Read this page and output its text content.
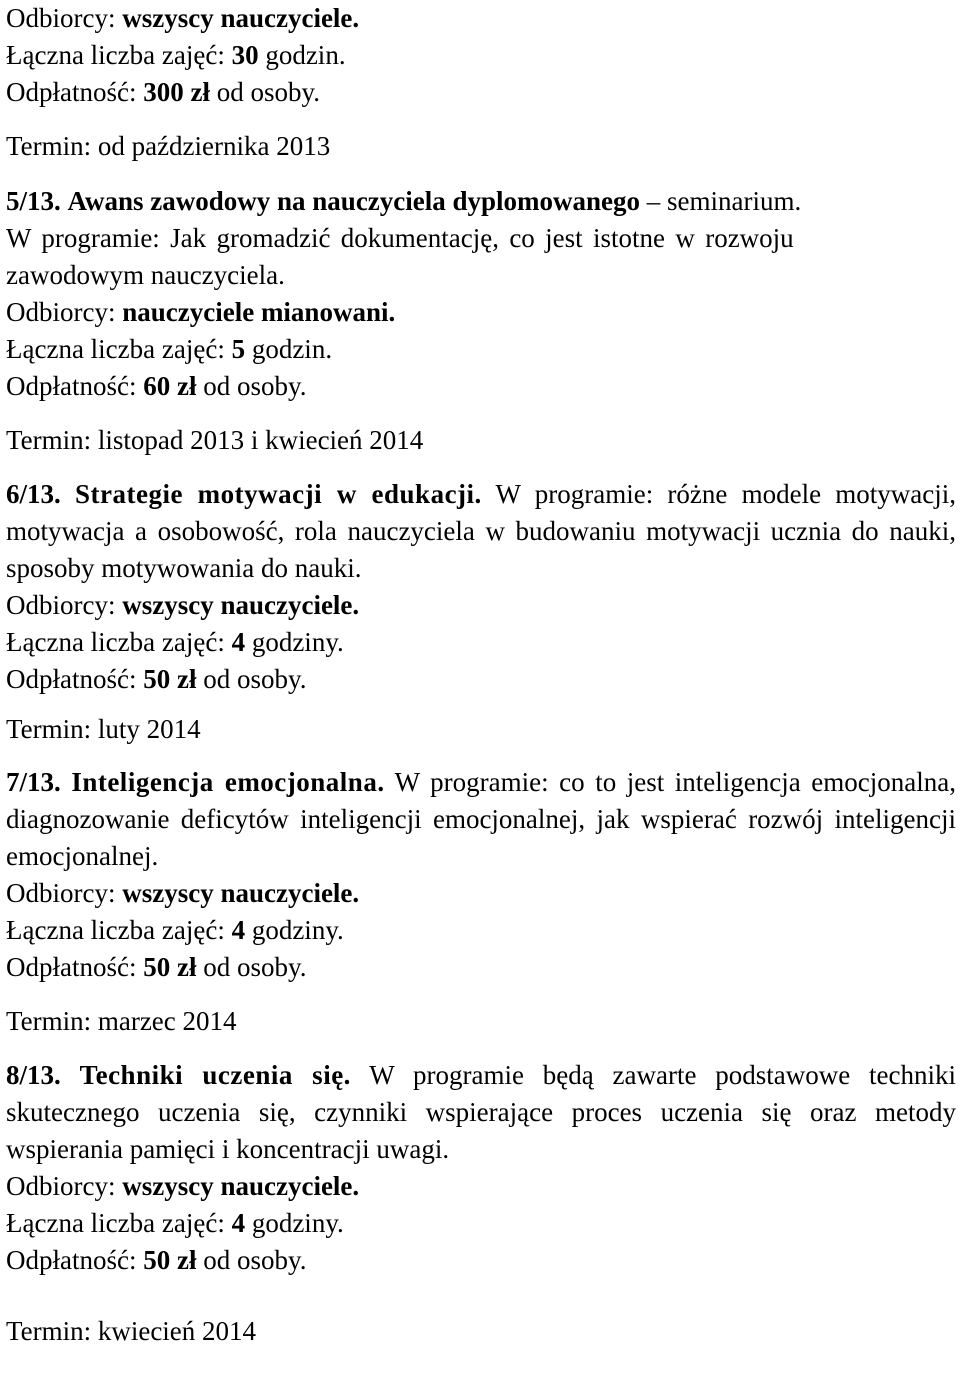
Odbiorcy: wszyscy nauczyciele.
Łączna liczba zajęć: 30 godzin.
Odpłatność: 300 zł od osoby.
Termin: od października 2013
5/13. Awans zawodowy na nauczyciela dyplomowanego – seminarium.
W programie: Jak gromadzić dokumentację, co jest istotne w rozwoju
zawodowym nauczyciela.
Odbiorcy: nauczyciele mianowani.
Łączna liczba zajęć: 5 godzin.
Odpłatność: 60 zł od osoby.
Termin: listopad 2013 i kwiecień 2014
6/13. Strategie motywacji w edukacji. W programie: różne modele motywacji, motywacja a osobowość, rola nauczyciela w budowaniu motywacji ucznia do nauki, sposoby motywowania do nauki.
Odbiorcy: wszyscy nauczyciele.
Łączna liczba zajęć: 4 godziny.
Odpłatność: 50 zł od osoby.
Termin: luty 2014
7/13. Inteligencja emocjonalna. W programie: co to jest inteligencja emocjonalna, diagnozowanie deficytów inteligencji emocjonalnej, jak wspierać rozwój inteligencji emocjonalnej.
Odbiorcy: wszyscy nauczyciele.
Łączna liczba zajęć: 4 godziny.
Odpłatność: 50 zł od osoby.
Termin: marzec 2014
8/13. Techniki uczenia się. W programie będą zawarte podstawowe techniki skutecznego uczenia się, czynniki wspierające proces uczenia się oraz metody wspierania pamięci i koncentracji uwagi.
Odbiorcy: wszyscy nauczyciele.
Łączna liczba zajęć: 4 godziny.
Odpłatność: 50 zł od osoby.
Termin: kwiecień 2014
